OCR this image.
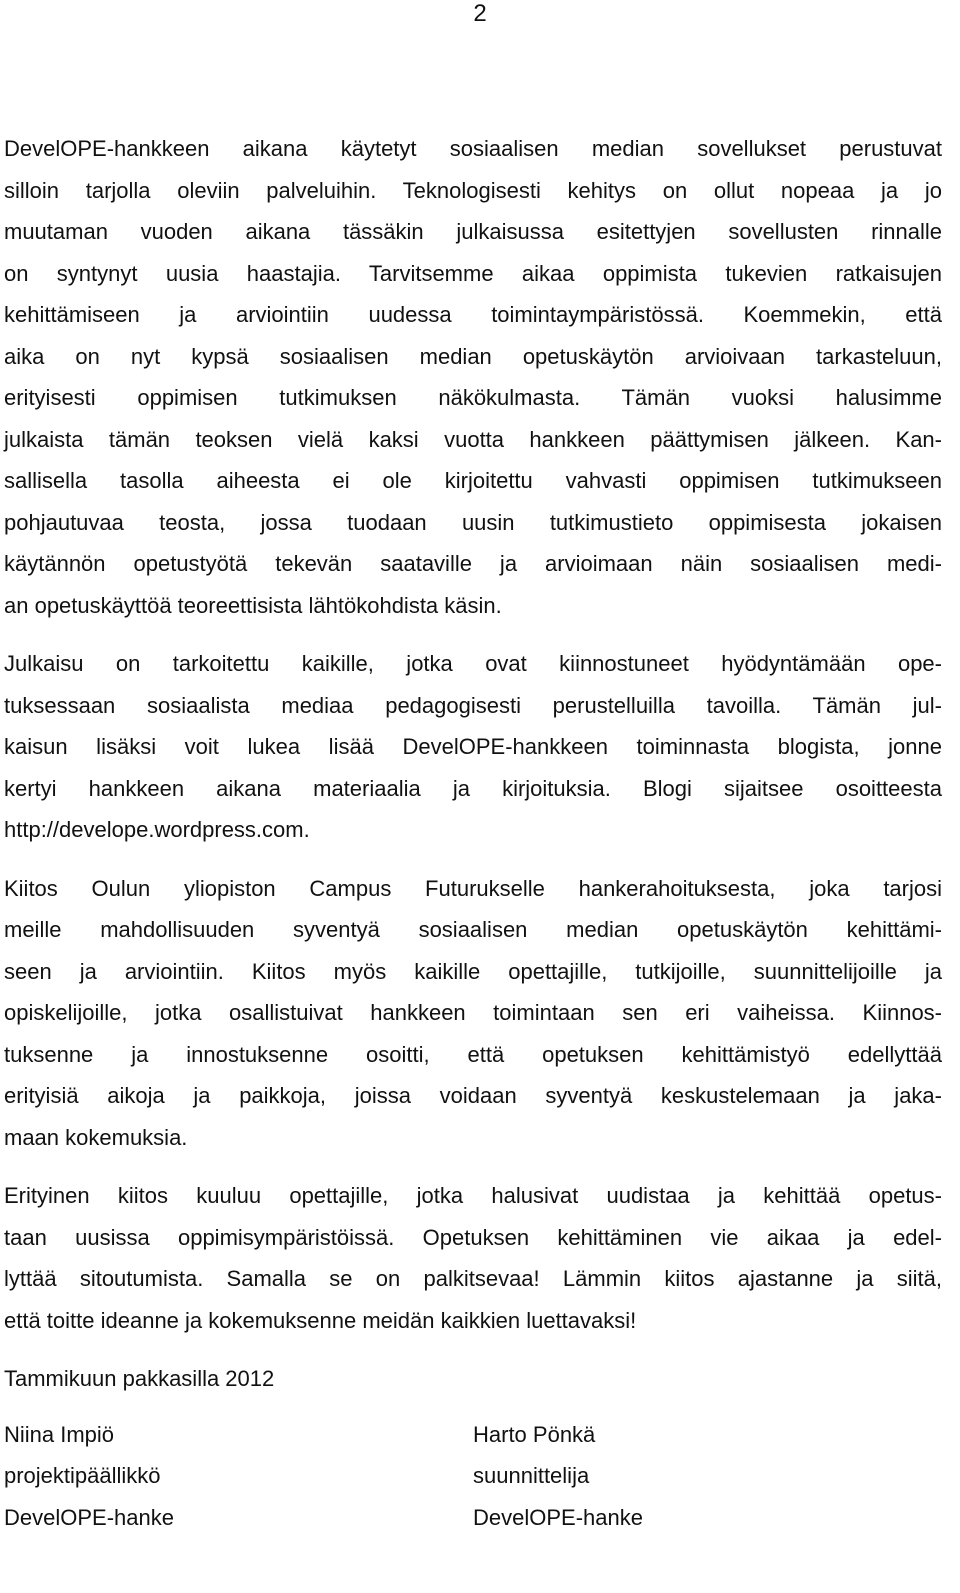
2

DevelOPE-hankkeen aikana käytetyt sosiaalisen median sovellukset perustuvat
silloin tarjolla oleviin palveluihin. Teknologisesti kehitys on ollut nopeaa ja jo
muutaman vuoden aikana tässäkin julkaisussa esitettyjen sovellusten rinnalle
on syntynyt uusia haastajia. Tarvitsemme aikaa oppimista tukevien ratkaisujen
kehittämiseen ja arviointiin uudessa toimintaympäristössä. Koemmekin, että
aika on nyt kypsä sosiaalisen median opetuskäytön arvioivaan tarkasteluun,
erityisesti oppimisen tutkimuksen näkökulmasta. Tämän vuoksi halusimme
julkaista tämän teoksen vielä kaksi vuotta hankkeen päättymisen jälkeen. Kan-
sallisella tasolla aiheesta ei ole kirjoitettu vahvasti oppimisen tutkimukseen
pohjautuvaa teosta, jossa tuodaan uusin tutkimustieto oppimisesta jokaisen
käytännön opetustyötä tekevän saataville ja arvioimaan näin sosiaalisen medi-
an opetuskäyttöä teoreettisista lähtökohdista käsin.

Julkaisu on tarkoitettu kaikille, jotka ovat kiinnostuneet hyödyntämään ope-
tuksessaan sosiaalista mediaa pedagogisesti perustelluilla tavoilla. Tämän jul-
kaisun lisäksi voit lukea lisää DevelOPE-hankkeen toiminnasta blogista, jonne
kertyi hankkeen aikana materiaalia ja kirjoituksia. Blogi sijaitsee osoitteesta
http://develope.wordpress.com.

Kiitos Oulun yliopiston Campus Futurukselle hankerahoituksesta, joka tarjosi
meille mahdollisuuden syventyä sosiaalisen median opetuskäytön kehittämi-
seen ja arviointiin. Kiitos myös kaikille opettajille, tutkijoille, suunnittelijoille ja
opiskelijoille, jotka osallistuivat hankkeen toimintaan sen eri vaiheissa. Kiinnos-
tuksenne ja innostuksenne osoitti, että opetuksen kehittämistyö edellyttää
erityisiä aikoja ja paikkoja, joissa voidaan syventyä keskustelemaan ja jaka-
maan kokemuksia.

Erityinen kiitos kuuluu opettajille, jotka halusivat uudistaa ja kehittää opetus-
taan uusissa oppimisympäristöissä. Opetuksen kehittäminen vie aikaa ja edel-
lyttää sitoutumista. Samalla se on palkitsevaa! Lämmin kiitos ajastanne ja siitä,
että toitte ideanne ja kokemuksenne meidän kaikkien luettavaksi!

Tammikuun pakkasilla 2012
Niina Impiö
projektipäällikkö
DevelOPE-hanke
Harto Pönkä
suunnittelija
DevelOPE-hanke
